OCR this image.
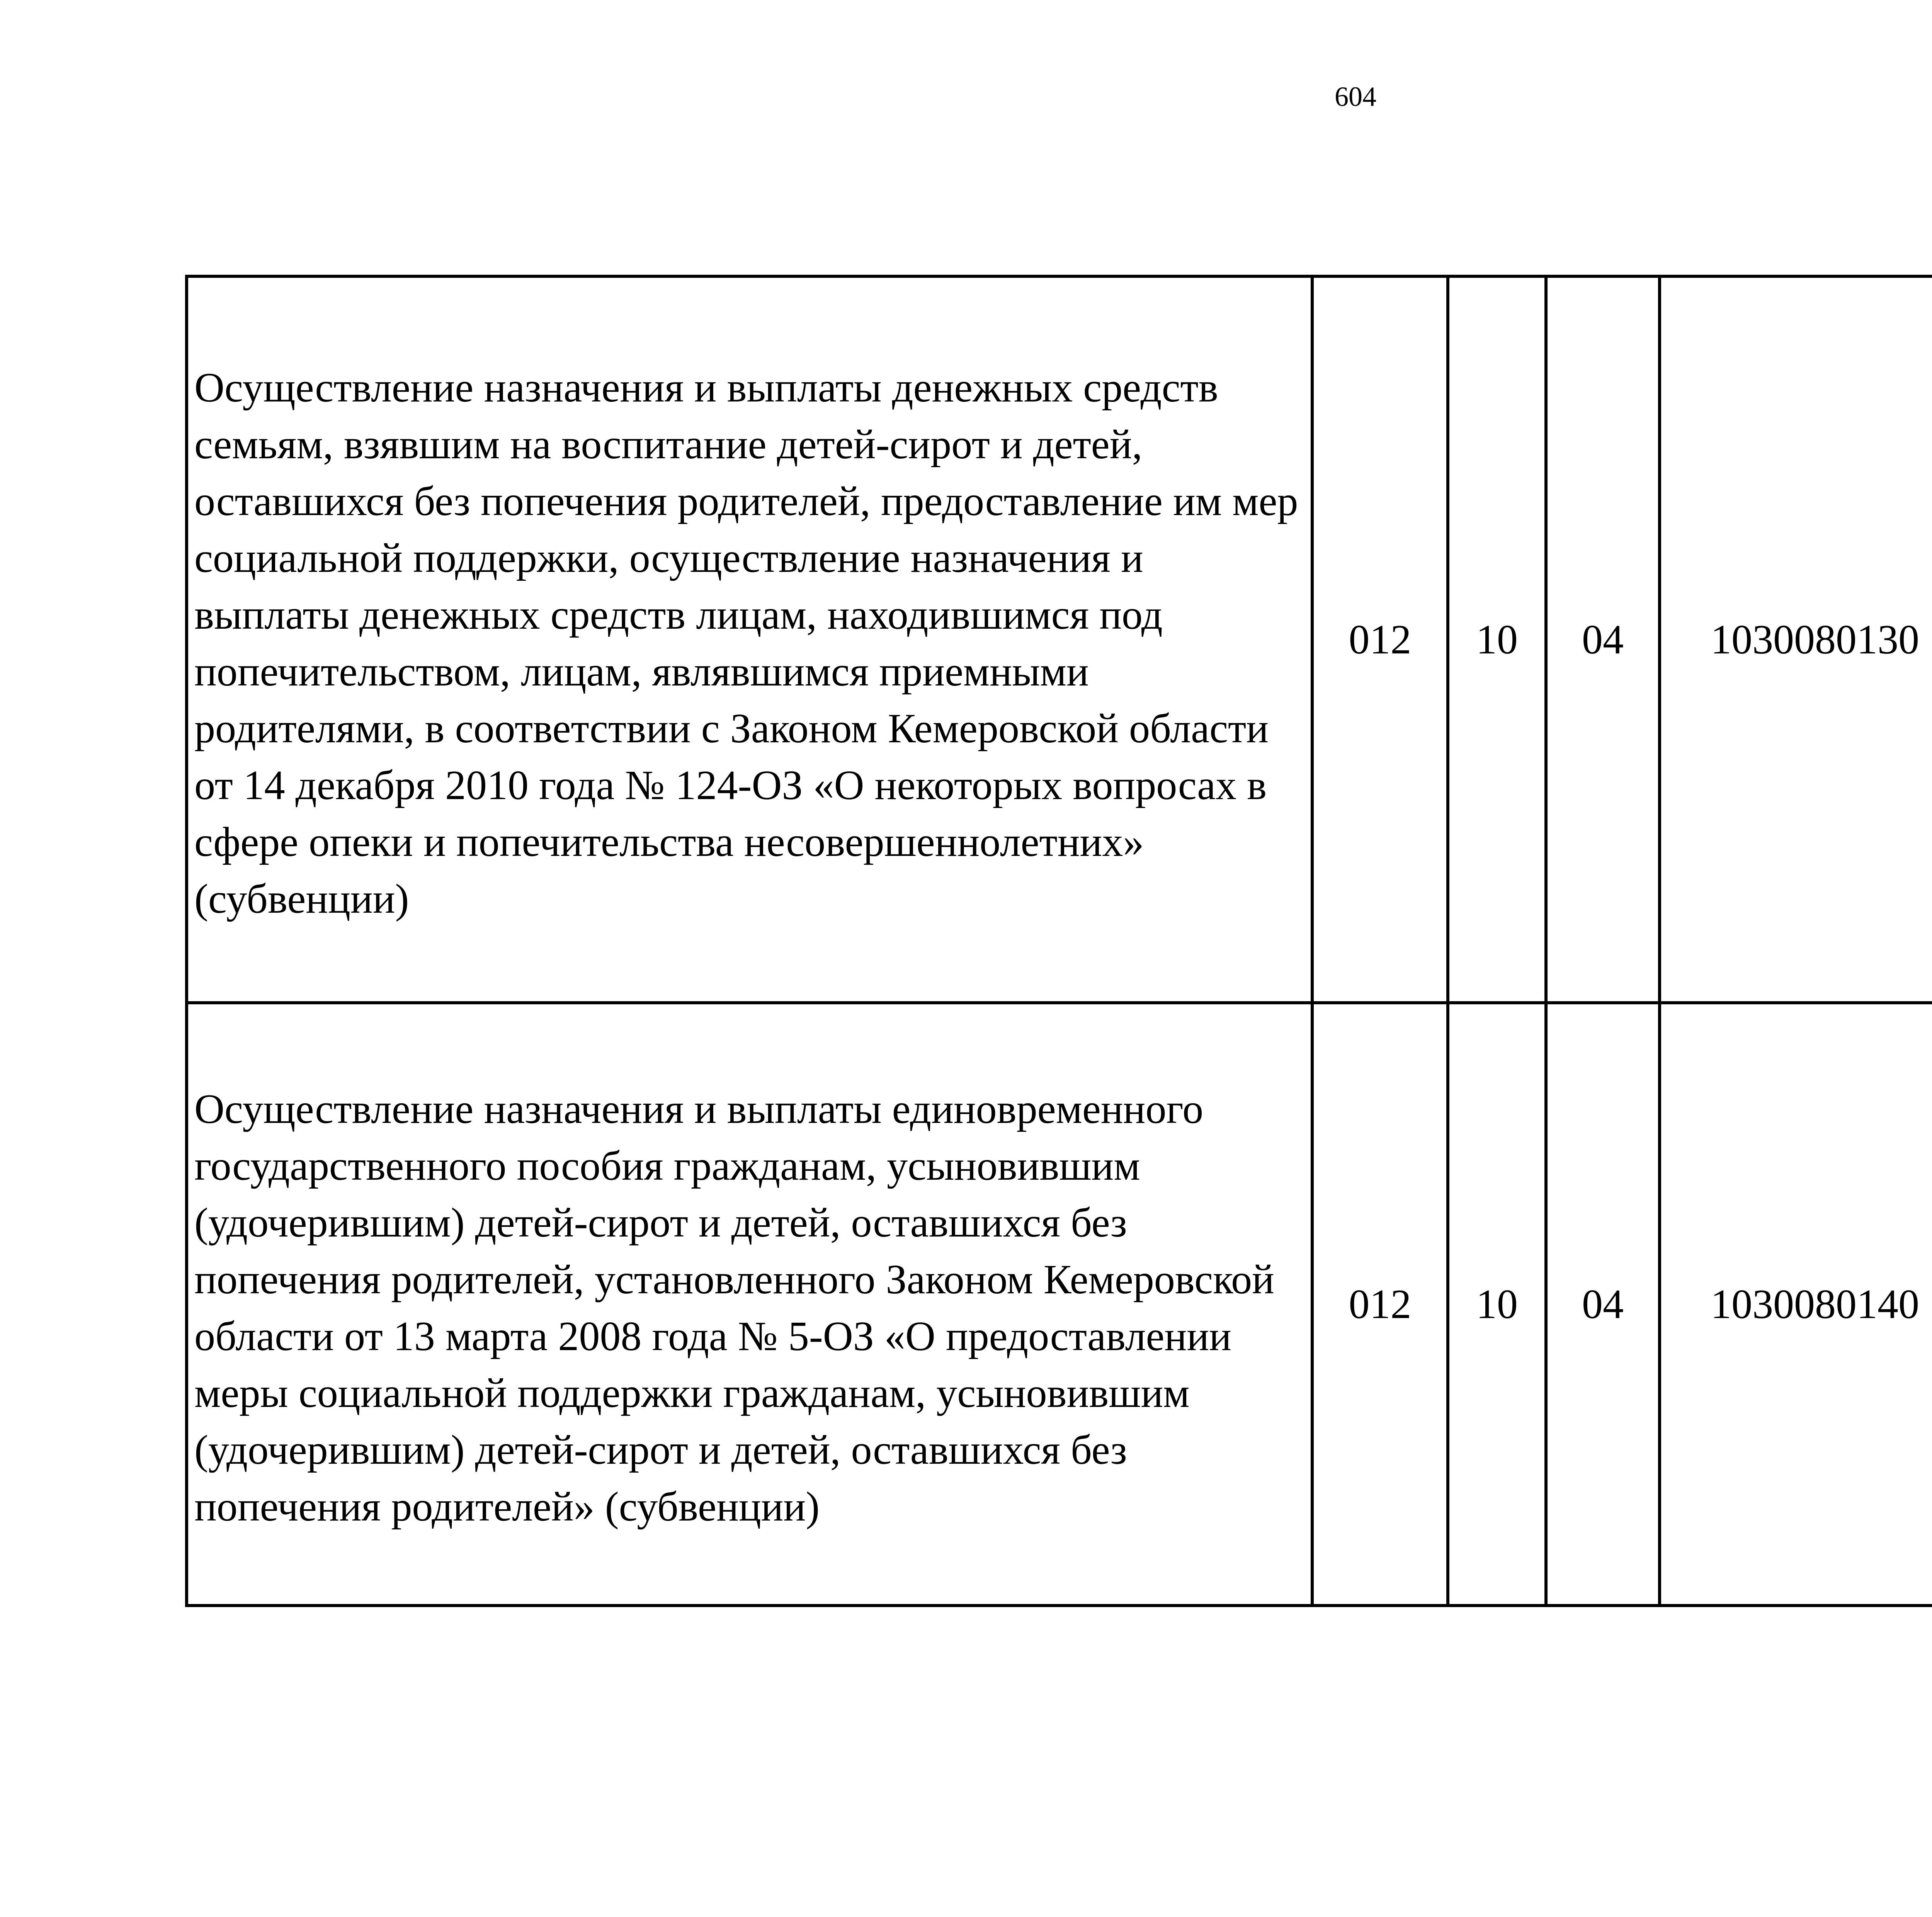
604
Осуществление назначения и выплаты денежных средств семьям, взявшим на воспитание детей-сирот и детей, оставшихся без попечения родителей, предоставление им мер социальной поддержки, осуществление назначения и выплаты денежных средств лицам, находившимся под попечительством, лицам, являвшимся приемными родителями, в соответствии с Законом Кемеровской области от 14 декабря 2010 года № 124-ОЗ «О некоторых вопросах в сфере опеки и попечительства несовершеннолетних» (субвенции)	012	10	04	1030080130		
Осуществление назначения и выплаты единовременного государственного пособия гражданам, усыновившим (удочерившим) детей-сирот и детей, оставшихся без попечения родителей, установленного Законом Кемеровской области от 13 марта 2008 года № 5-ОЗ «О предоставлении меры социальной поддержки гражданам, усыновившим (удочерившим) детей-сирот и детей, оставшихся без попечения родителей» (субвенции)	012	10	04	1030080140		
